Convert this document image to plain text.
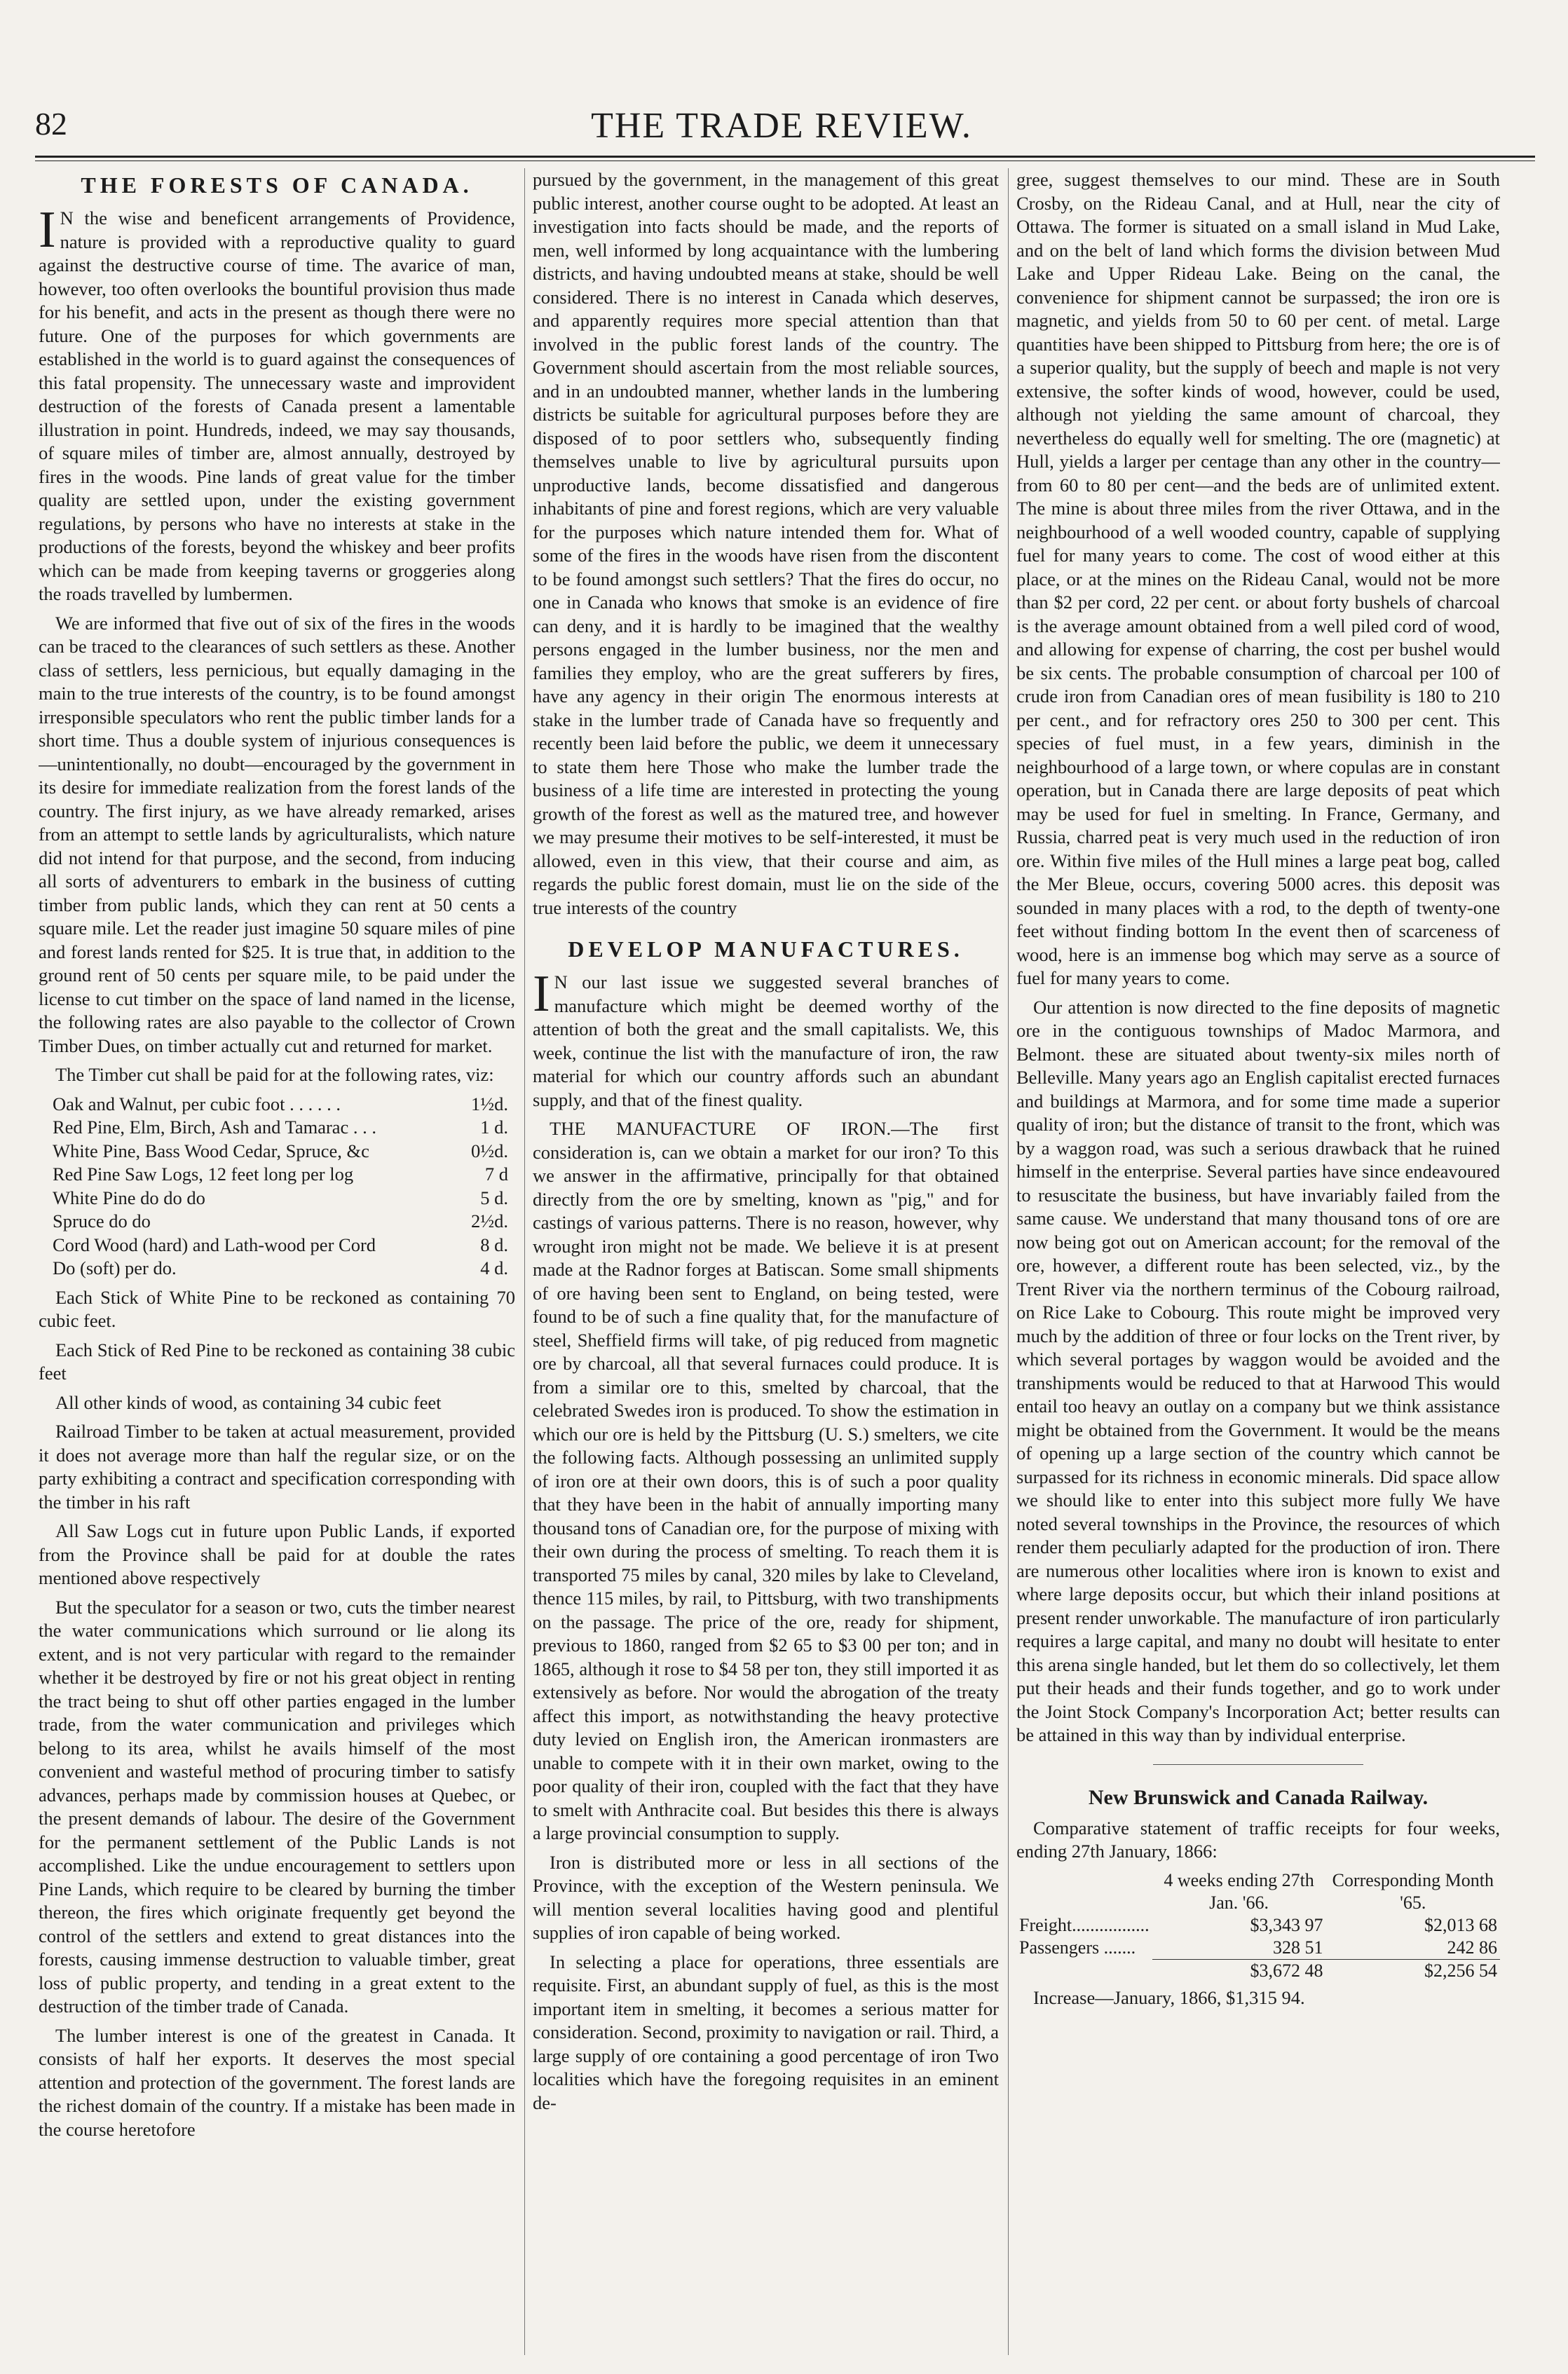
82	THE TRADE REVIEW.
THE FORESTS OF CANADA.

I N the wise and beneficent arrangements of Providence, nature is provided with a reproductive quality to guard against the destructive course of time. The avarice of man, however, too often overlooks the bountiful provision thus made for his benefit, and acts in the present as though there were no future. One of the purposes for which governments are established in the world is to guard against the consequences of this fatal propensity. The unnecessary waste and improvident destruction of the forests of Canada present a lamentable illustration in point. Hundreds, indeed, we may say thousands, of square miles of timber are, almost annually, destroyed by fires in the woods. Pine lands of great value for the timber quality are settled upon, under the existing government regulations, by persons who have no interests at stake in the productions of the forests, beyond the whiskey and beer profits which can be made from keeping taverns or groggeries along the roads travelled by lumbermen.

We are informed that five out of six of the fires in the woods can be traced to the clearances of such settlers as these. Another class of settlers, less pernicious, but equally damaging in the main to the true interests of the country, is to be found amongst irresponsible speculators who rent the public timber lands for a short time. Thus a double system of injurious consequences is—unintentionally, no doubt—encouraged by the government in its desire for immediate realization from the forest lands of the country. The first injury, as we have already remarked, arises from an attempt to settle lands by agriculturalists, which nature did not intend for that purpose, and the second, from inducing all sorts of adventurers to embark in the business of cutting timber from public lands, which they can rent at 50 cents a square mile. Let the reader just imagine 50 square miles of pine and forest lands rented for $25. It is true that, in addition to the ground rent of 50 cents per square mile, to be paid under the license to cut timber on the space of land named in the license, the following rates are also payable to the collector of Crown Timber Dues, on timber actually cut and returned for market.

The Timber cut shall be paid for at the following rates, viz:

Oak and Walnut, per cubic foot . . . . . .	1½d.
Red Pine, Elm, Birch, Ash and Tamarac . . .	1 d.
White Pine, Bass Wood Cedar, Spruce, &c	0½d.
Red Pine Saw Logs, 12 feet long per log	7 d
White Pine do do do	5 d.
Spruce do do	2½d.
Cord Wood (hard) and Lath-wood per Cord	8 d.
Do (soft) per do.	4 d.

Each Stick of White Pine to be reckoned as containing 70 cubic feet.

Each Stick of Red Pine to be reckoned as containing 38 cubic feet

All other kinds of wood, as containing 34 cubic feet

Railroad Timber to be taken at actual measurement, provided it does not average more than half the regular size, or on the party exhibiting a contract and specification corresponding with the timber in his raft

All Saw Logs cut in future upon Public Lands, if exported from the Province shall be paid for at double the rates mentioned above respectively

But the speculator for a season or two, cuts the timber nearest the water communications which surround or lie along its extent, and is not very particular with regard to the remainder whether it be destroyed by fire or not his great object in renting the tract being to shut off other parties engaged in the lumber trade, from the water communication and privileges which belong to its area, whilst he avails himself of the most convenient and wasteful method of procuring timber to satisfy advances, perhaps made by commission houses at Quebec, or the present demands of labour. The desire of the Government for the permanent settlement of the Public Lands is not accomplished. Like the undue encouragement to settlers upon Pine Lands, which require to be cleared by burning the timber thereon, the fires which originate frequently get beyond the control of the settlers and extend to great distances into the forests, causing immense destruction to valuable timber, great loss of public property, and tending in a great extent to the destruction of the timber trade of Canada.

The lumber interest is one of the greatest in Canada. It consists of half her exports. It deserves the most special attention and protection of the government. The forest lands are the richest domain of the country. If a mistake has been made in the course heretofore

pursued by the government, in the management of this great public interest, another course ought to be adopted. At least an investigation into facts should be made, and the reports of men, well informed by long acquaintance with the lumbering districts, and having undoubted means at stake, should be well considered. There is no interest in Canada which deserves, and apparently requires more special attention than that involved in the public forest lands of the country. The Government should ascertain from the most reliable sources, and in an undoubted manner, whether lands in the lumbering districts be suitable for agricultural purposes before they are disposed of to poor settlers who, subsequently finding themselves unable to live by agricultural pursuits upon unproductive lands, become dissatisfied and dangerous inhabitants of pine and forest regions, which are very valuable for the purposes which nature intended them for. What of some of the fires in the woods have risen from the discontent to be found amongst such settlers? That the fires do occur, no one in Canada who knows that smoke is an evidence of fire can deny, and it is hardly to be imagined that the wealthy persons engaged in the lumber business, nor the men and families they employ, who are the great sufferers by fires, have any agency in their origin The enormous interests at stake in the lumber trade of Canada have so frequently and recently been laid before the public, we deem it unnecessary to state them here Those who make the lumber trade the business of a life time are interested in protecting the young growth of the forest as well as the matured tree, and however we may presume their motives to be self-interested, it must be allowed, even in this view, that their course and aim, as regards the public forest domain, must lie on the side of the true interests of the country

DEVELOP MANUFACTURES.

I N our last issue we suggested several branches of manufacture which might be deemed worthy of the attention of both the great and the small capitalists. We, this week, continue the list with the manufacture of iron, the raw material for which our country affords such an abundant supply, and that of the finest quality.

THE MANUFACTURE OF IRON.—The first consideration is, can we obtain a market for our iron? To this we answer in the affirmative, principally for that obtained directly from the ore by smelting, known as "pig," and for castings of various patterns. There is no reason, however, why wrought iron might not be made. We believe it is at present made at the Radnor forges at Batiscan. Some small shipments of ore having been sent to England, on being tested, were found to be of such a fine quality that, for the manufacture of steel, Sheffield firms will take, of pig reduced from magnetic ore by charcoal, all that several furnaces could produce. It is from a similar ore to this, smelted by charcoal, that the celebrated Swedes iron is produced. To show the estimation in which our ore is held by the Pittsburg (U. S.) smelters, we cite the following facts. Although possessing an unlimited supply of iron ore at their own doors, this is of such a poor quality that they have been in the habit of annually importing many thousand tons of Canadian ore, for the purpose of mixing with their own during the process of smelting. To reach them it is transported 75 miles by canal, 320 miles by lake to Cleveland, thence 115 miles, by rail, to Pittsburg, with two transhipments on the passage. The price of the ore, ready for shipment, previous to 1860, ranged from $2 65 to $3 00 per ton; and in 1865, although it rose to $4 58 per ton, they still imported it as extensively as before. Nor would the abrogation of the treaty affect this import, as notwithstanding the heavy protective duty levied on English iron, the American ironmasters are unable to compete with it in their own market, owing to the poor quality of their iron, coupled with the fact that they have to smelt with Anthracite coal. But besides this there is always a large provincial consumption to supply.

Iron is distributed more or less in all sections of the Province, with the exception of the Western peninsula. We will mention several localities having good and plentiful supplies of iron capable of being worked.

In selecting a place for operations, three essentials are requisite. First, an abundant supply of fuel, as this is the most important item in smelting, it becomes a serious matter for consideration. Second, proximity to navigation or rail. Third, a large supply of ore containing a good percentage of iron Two localities which have the foregoing requisites in an eminent de-

gree, suggest themselves to our mind. These are in South Crosby, on the Rideau Canal, and at Hull, near the city of Ottawa. The former is situated on a small island in Mud Lake, and on the belt of land which forms the division between Mud Lake and Upper Rideau Lake. Being on the canal, the convenience for shipment cannot be surpassed; the iron ore is magnetic, and yields from 50 to 60 per cent. of metal. Large quantities have been shipped to Pittsburg from here; the ore is of a superior quality, but the supply of beech and maple is not very extensive, the softer kinds of wood, however, could be used, although not yielding the same amount of charcoal, they nevertheless do equally well for smelting. The ore (magnetic) at Hull, yields a larger per centage than any other in the country—from 60 to 80 per cent—and the beds are of unlimited extent. The mine is about three miles from the river Ottawa, and in the neighbourhood of a well wooded country, capable of supplying fuel for many years to come. The cost of wood either at this place, or at the mines on the Rideau Canal, would not be more than $2 per cord, 22 per cent. or about forty bushels of charcoal is the average amount obtained from a well piled cord of wood, and allowing for expense of charring, the cost per bushel would be six cents. The probable consumption of charcoal per 100 of crude iron from Canadian ores of mean fusibility is 180 to 210 per cent., and for refractory ores 250 to 300 per cent. This species of fuel must, in a few years, diminish in the neighbourhood of a large town, or where copulas are in constant operation, but in Canada there are large deposits of peat which may be used for fuel in smelting. In France, Germany, and Russia, charred peat is very much used in the reduction of iron ore. Within five miles of the Hull mines a large peat bog, called the Mer Bleue, occurs, covering 5000 acres. this deposit was sounded in many places with a rod, to the depth of twenty-one feet without finding bottom In the event then of scarceness of wood, here is an immense bog which may serve as a source of fuel for many years to come.

Our attention is now directed to the fine deposits of magnetic ore in the contiguous townships of Madoc Marmora, and Belmont. these are situated about twenty-six miles north of Belleville. Many years ago an English capitalist erected furnaces and buildings at Marmora, and for some time made a superior quality of iron; but the distance of transit to the front, which was by a waggon road, was such a serious drawback that he ruined himself in the enterprise. Several parties have since endeavoured to resuscitate the business, but have invariably failed from the same cause. We understand that many thousand tons of ore are now being got out on American account; for the removal of the ore, however, a different route has been selected, viz., by the Trent River via the northern terminus of the Cobourg railroad, on Rice Lake to Cobourg. This route might be improved very much by the addition of three or four locks on the Trent river, by which several portages by waggon would be avoided and the transhipments would be reduced to that at Harwood This would entail too heavy an outlay on a company but we think assistance might be obtained from the Government. It would be the means of opening up a large section of the country which cannot be surpassed for its richness in economic minerals. Did space allow we should like to enter into this subject more fully We have noted several townships in the Province, the resources of which render them peculiarly adapted for the production of iron. There are numerous other localities where iron is known to exist and where large deposits occur, but which their inland positions at present render unworkable. The manufacture of iron particularly requires a large capital, and many no doubt will hesitate to enter this arena single handed, but let them do so collectively, let them put their heads and their funds together, and go to work under the Joint Stock Company's Incorporation Act; better results can be attained in this way than by individual enterprise.

New Brunswick and Canada Railway.

Comparative statement of traffic receipts for four weeks, ending 27th January, 1866:

	4 weeks ending 27th Jan. '66.	Corresponding Month '65.
Freight.................	$3,343 97	$2,013 68
Passengers .......	328 51	242 86
	$3,672 48	$2,256 54

Increase—January, 1866, $1,315 94.
